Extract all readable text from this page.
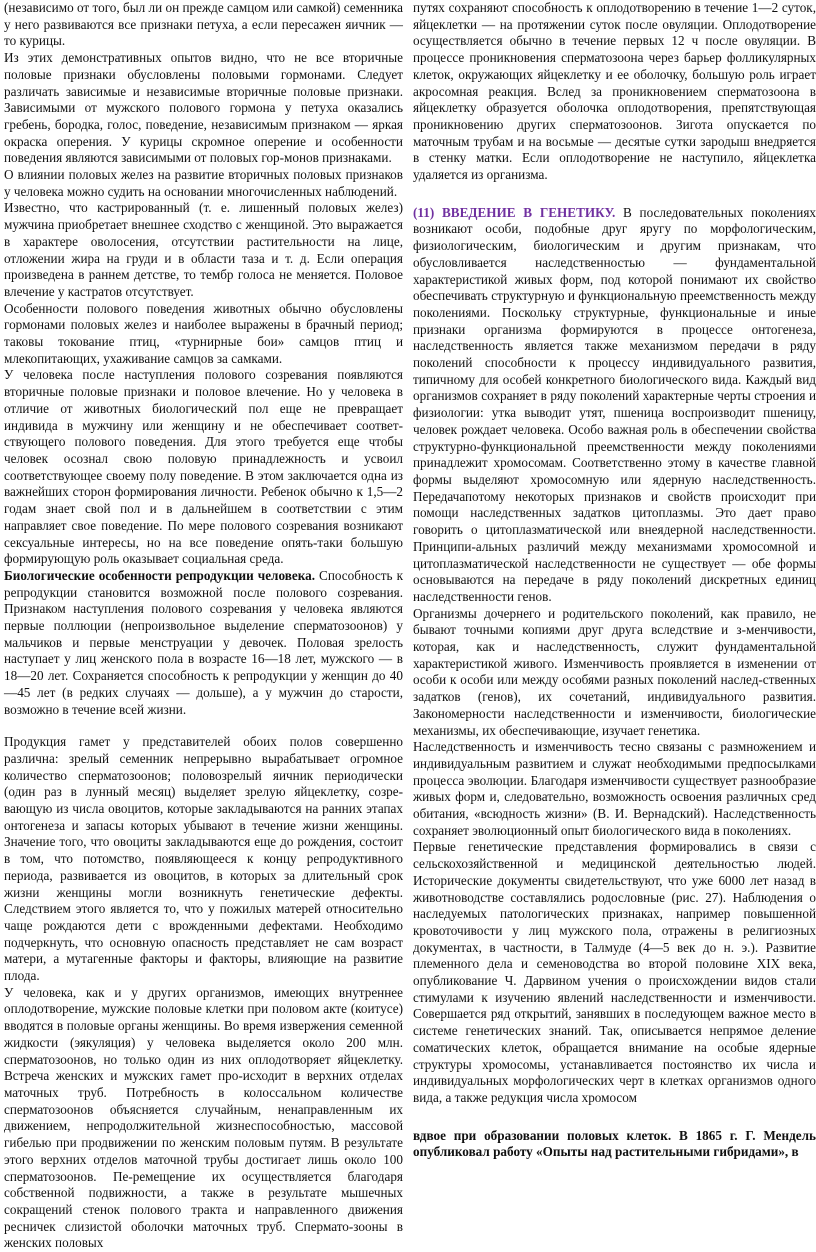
(независимо от того, был ли он прежде самцом или самкой) семенника у него развиваются все признаки петуха, а если пересажен яичник — то курицы.

Из этих демонстративных опытов видно, что не все вторичные половые признаки обусловлены половыми гормонами. Следует различать зависимые и независимые вторичные половые признаки. Зависимыми от мужского полового гормона у петуха оказались гребень, бородка, голос, поведение, независимым признаком — яркая окраска оперения. У курицы скромное оперение и особенности поведения являются зависимыми от половых гор-монов признаками.

О влиянии половых желез на развитие вторичных половых признаков у человека можно судить на основании многочисленных наблюдений.

Известно, что кастрированный (т. е. лишенный половых желез) мужчина приобретает внешнее сходство с женщиной. Это выражается в характере оволосения, отсутствии растительности на лице, отложении жира на груди и в области таза и т. д. Если операция произведена в раннем детстве, то тембр голоса не меняется. Половое влечение у кастратов отсутствует.

Особенности полового поведения животных обычно обусловлены гормонами половых желез и наиболее выражены в брачный период; таковы токование птиц, «турнирные бои» самцов птиц и млекопитающих, ухаживание самцов за самками.

У человека после наступления полового созревания появляются вторичные половые признаки и половое влечение. Но у человека в отличие от животных биологический пол еще не превращает индивида в мужчину или женщину и не обеспечивает соответ-ствующего полового поведения. Для этого требуется еще чтобы человек осознал свою половую принадлежность и усвоил соответствующее своему полу поведение. В этом заключается одна из важнейших сторон формирования личности. Ребенок обычно к 1,5—2 годам знает свой пол и в дальнейшем в соответствии с этим направляет свое поведение. По мере полового созревания возникают сексуальные интересы, но на все поведение опять-таки большую формирующую роль оказывает социальная среда.

Биологические особенности репродукции человека. Способность к репродукции становится возможной после полового созревания. Признаком наступления полового созревания у человека являются первые поллюции (непроизвольное выделение сперматозоонов) у мальчиков и первые менструации у девочек. Половая зрелость наступает у лиц женского пола в возрасте 16—18 лет, мужского — в 18—20 лет. Сохраняется способность к репродукции у женщин до 40—45 лет (в редких случаях — дольше), а у мужчин до старости, возможно в течение всей жизни.

Продукция гамет у представителей обоих полов совершенно различна: зрелый семенник непрерывно вырабатывает огромное количество сперматозоонов; половозрелый яичник периодически (один раз в лунный месяц) выделяет зрелую яйцеклетку, созре-вающую из числа овоцитов, которые закладываются на ранних этапах онтогенеза и запасы которых убывают в течение жизни женщины. Значение того, что овоциты закладываются еще до рождения, состоит в том, что потомство, появляющееся к концу репродуктивного периода, развивается из овоцитов, в которых за длительный срок жизни женщины могли возникнуть генетические дефекты. Следствием этого является то, что у пожилых матерей относительно чаще рождаются дети с врожденными дефектами. Необходимо подчеркнуть, что основную опасность представляет не сам возраст матери, а мутагенные факторы и факторы, влияющие на развитие плода.

У человека, как и у других организмов, имеющих внутреннее оплодотворение, мужские половые клетки при половом акте (коитусе) вводятся в половые органы женщины. Во время извержения семенной жидкости (эякуляция) у человека выделяется около 200 млн. сперматозоонов, но только один из них оплодотворяет яйцеклетку. Встреча женских и мужских гамет про-исходит в верхних отделах маточных труб. Потребность в колоссальном количестве сперматозоонов объясняется случайным, ненаправленным их движением, непродолжительной жизнеспособностью, массовой гибелью при продвижении по женским половым путям. В результате этого верхних отделов маточной трубы достигает лишь около 100 сперматозоонов. Пе-ремещение их осуществляется благодаря собственной подвижности, а также в результате мышечных сокращений стенок полового тракта и направленного движения ресничек слизистой оболочки маточных труб. Спермато-зооны в женских половых

путях сохраняют способность к оплодотворению в течение 1—2 суток, яйцеклетки — на протяжении суток после овуляции. Оплодотворение осуществляется обычно в течение первых 12 ч после овуляции. В процессе проникновения сперматозоона через барьер фолликулярных клеток, окружающих яйцеклетку и ее оболочку, большую роль играет акросомная реакция. Вслед за проникновением сперматозоона в яйцеклетку образуется оболочка оплодотворения, препятствующая проникновению других сперматозоонов. Зигота опускается по маточным трубам и на восьмые — десятые сутки зародыш внедряется в стенку матки. Если оплодотворение не наступило, яйцеклетка удаляется из организма.

(11) ВВЕДЕНИЕ В ГЕНЕТИКУ. В последовательных поколениях возникают особи, подобные друг яругу по морфологическим, физиологическим, биологическим и другим признакам, что обусловливается наследственностью — фундаментальной характеристикой живых форм, под которой понимают их свойство обеспечивать структурную и функциональную преемственность между поколениями. Поскольку структурные, функциональные и иные признаки организма формируются в процессе онтогенеза, наследственность является также механизмом передачи в ряду поколений способности к процессу индивидуального развития, типичному для особей конкретного биологического вида. Каждый вид организмов сохраняет в ряду поколений характерные черты строения и физиологии: утка выводит утят, пшеница воспроизводит пшеницу, человек рождает человека. Особо важная роль в обеспечении свойства структурно-функциональной преемственности между поколениями принадлежит хромосомам. Соответственно этому в качестве главной формы выделяют хромосомную или ядерную наследственность. Передачапотому некоторых признаков и свойств происходит при помощи наследственных задатков цитоплазмы. Это дает право говорить о цитоплазматической или внеядерной наследственности. Принципи-альных различий между механизмами хромосомной и цитоплазматической наследственности не существует — обе формы основываются на передаче в ряду поколений дискретных единиц наследственности генов.

Организмы дочернего и родительского поколений, как правило, не бывают точными копиями друг друга вследствие и з-менчивости, которая, как и наследственность, служит фундаментальной характеристикой живого. Изменчивость проявляется в изменении от особи к особи или между особями разных поколений наслед-ственных задатков (генов), их сочетаний, индивидуального развития. Закономерности наследственности и изменчивости, биологические механизмы, их обеспечивающие, изучает генетика.

Наследственность и изменчивость тесно связаны с размножением и индивидуальным развитием и служат необходимыми предпосылками процесса эволюции. Благодаря изменчивости существует разнообразие живых форм и, следовательно, возможность освоения различных сред обитания, «всюдность жизни» (В. И. Вернадский). Наследственность сохраняет эволюционный опыт биологического вида в поколениях.

Первые генетические представления формировались в связи с сельскохозяйственной и медицинской деятельностью людей. Исторические документы свидетельствуют, что уже 6000 лет назад в животноводстве составлялись родословные (рис. 27). Наблюдения о наследуемых патологических признаках, например повышенной кровоточивости у лиц мужского пола, отражены в религиозных документах, в частности, в Талмуде (4—5 век до н. э.). Развитие племенного дела и семеноводства во второй половине XIX века, опубликование Ч. Дарвином учения о происхождении видов стали стимулами к изучению явлений наследственности и изменчивости. Совершается ряд открытий, занявших в последующем важное место в системе генетических знаний. Так, описывается непрямое деление соматических клеток, обращается внимание на особые ядерные структуры хромосомы, устанавливается постоянство их числа и индивидуальных морфологических черт в клетках организмов одного вида, а также редукция числа хромосом

вдвое при образовании половых клеток. В 1865 г. Г. Мендель опубликовал работу «Опыты над растительными гибридами», в
